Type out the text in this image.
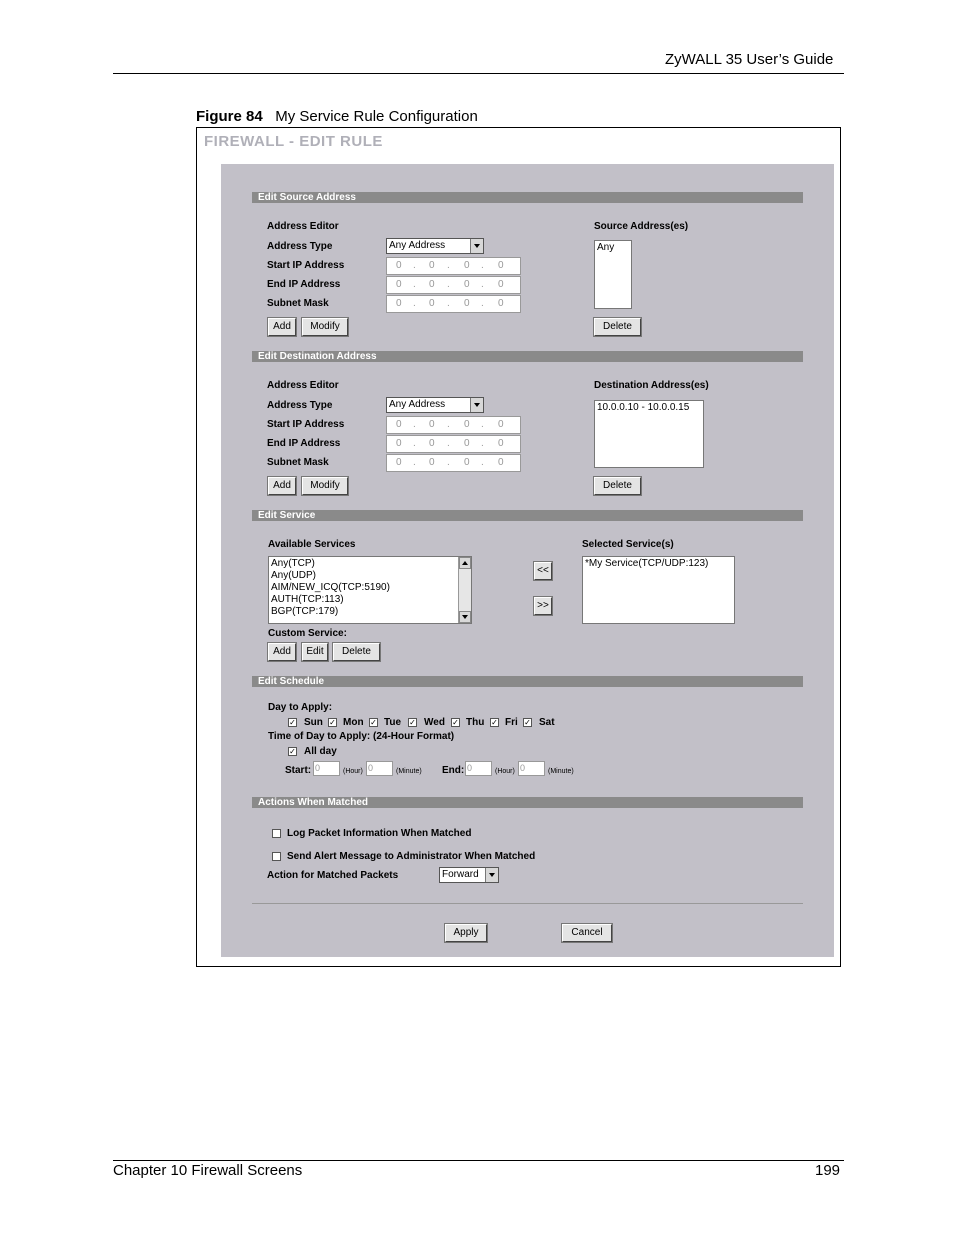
ZyWALL 35 User’s Guide
Figure 84 My Service Rule Configuration
FIREWALL - EDIT RULE
Edit Source Address
Address Editor
Address Type	Any Address
Start IP Address	0 . 0 . 0 . 0
End IP Address	0 . 0 . 0 . 0
Subnet Mask	0 . 0 . 0 . 0
Add	Modify
Source Address(es)
Any
Delete
Edit Destination Address
Address Editor
Address Type	Any Address
Start IP Address	0 . 0 . 0 . 0
End IP Address	0 . 0 . 0 . 0
Subnet Mask	0 . 0 . 0 . 0
Add	Modify
Destination Address(es)
10.0.0.10 - 10.0.0.15
Delete
Edit Service
Available Services
Any(TCP)
Any(UDP)
AIM/NEW_ICQ(TCP:5190)
AUTH(TCP:113)
BGP(TCP:179)
<<
>>
Selected Service(s)
*My Service(TCP/UDP:123)
Custom Service:
Add	Edit	Delete
Edit Schedule
Day to Apply:
✓ Sun ✓ Mon ✓ Tue ✓ Wed ✓ Thu ✓ Fri ✓ Sat
Time of Day to Apply: (24-Hour Format)
✓ All day
Start: 0	(Hour) 0	(Minute) End: 0	(Hour) 0	(Minute)
Actions When Matched
Log Packet Information When Matched
Send Alert Message to Administrator When Matched
Action for Matched Packets	Forward
Apply	Cancel
Chapter 10 Firewall Screens	199
